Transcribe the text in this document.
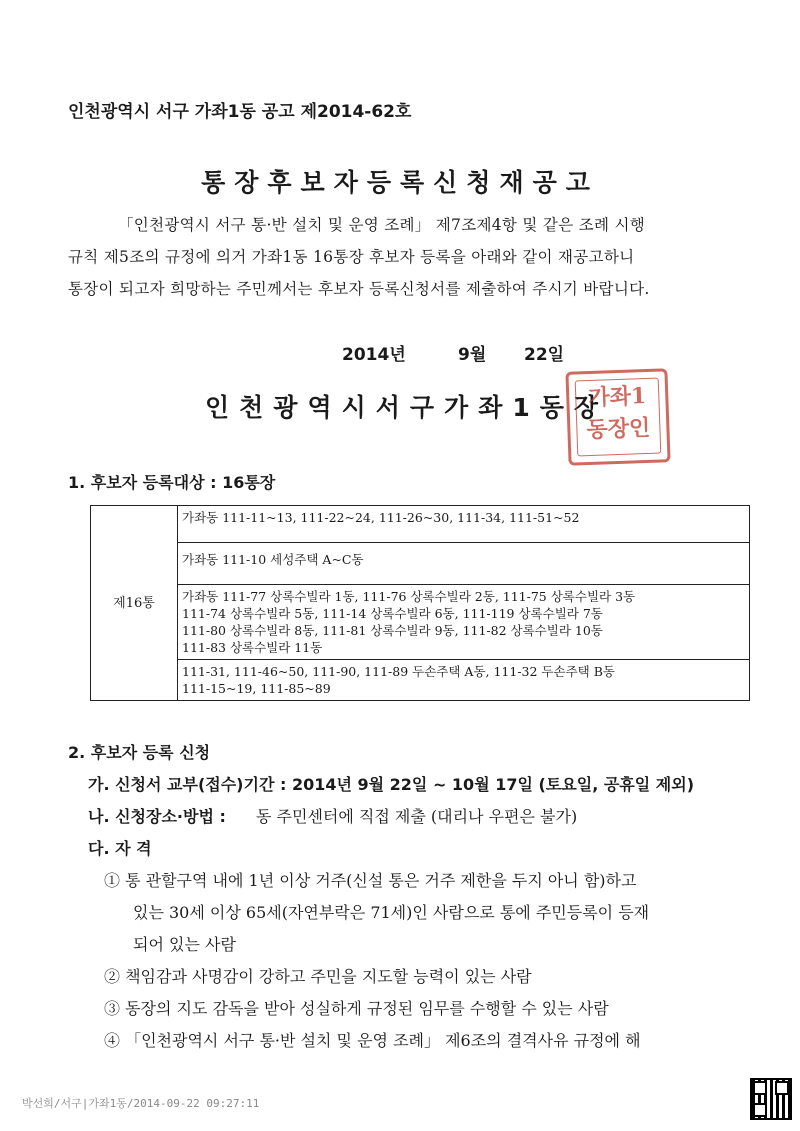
인천광역시 서구 가좌1동 공고 제2014-62호
통장후보자등록신청재공고
「인천광역시 서구 통·반 설치 및 운영 조례」 제7조제4항 및 같은 조례 시행
규칙 제5조의 규정에 의거 가좌1동 16통장 후보자 등록을 아래와 같이 재공고하니
통장이 되고자 희망하는 주민께서는 후보자 등록신청서를 제출하여 주시기 바랍니다.
2014년	9월 22일
인천광역시서구가좌1동장
가좌1
동장인
1. 후보자 등록대상 : 16통장
제16통	
가좌동 111-11~13, 111-22~24, 111-26~30, 111-34, 111-51~52

가좌동 111-10 세성주택 A~C동

가좌동 111-77 상록수빌라 1동, 111-76 상록수빌라 2동, 111-75 상록수빌라 3동
111-74 상록수빌라 5동, 111-14 상록수빌라 6동, 111-119 상록수빌라 7동
111-80 상록수빌라 8동, 111-81 상록수빌라 9동, 111-82 상록수빌라 10동
111-83 상록수빌라 11동

111-31, 111-46~50, 111-90, 111-89 두손주택 A동, 111-32 두손주택 B동
111-15~19, 111-85~89
2. 후보자 등록 신청
가. 신청서 교부(접수)기간 : 2014년 9월 22일 ~ 10월 17일 (토요일, 공휴일 제외)
나. 신청장소·방법 : 동 주민센터에 직접 제출 (대리나 우편은 불가)
다. 자 격
① 통 관할구역 내에 1년 이상 거주(신설 통은 거주 제한을 두지 아니 함)하고
있는 30세 이상 65세(자연부락은 71세)인 사람으로 통에 주민등록이 등재
되어 있는 사람
② 책임감과 사명감이 강하고 주민을 지도할 능력이 있는 사람
③ 동장의 지도 감독을 받아 성실하게 규정된 임무를 수행할 수 있는 사람
④ 「인천광역시 서구 통·반 설치 및 운영 조례」 제6조의 결격사유 규정에 해
박선희/서구|가좌1동/2014-09-22 09:27:11
